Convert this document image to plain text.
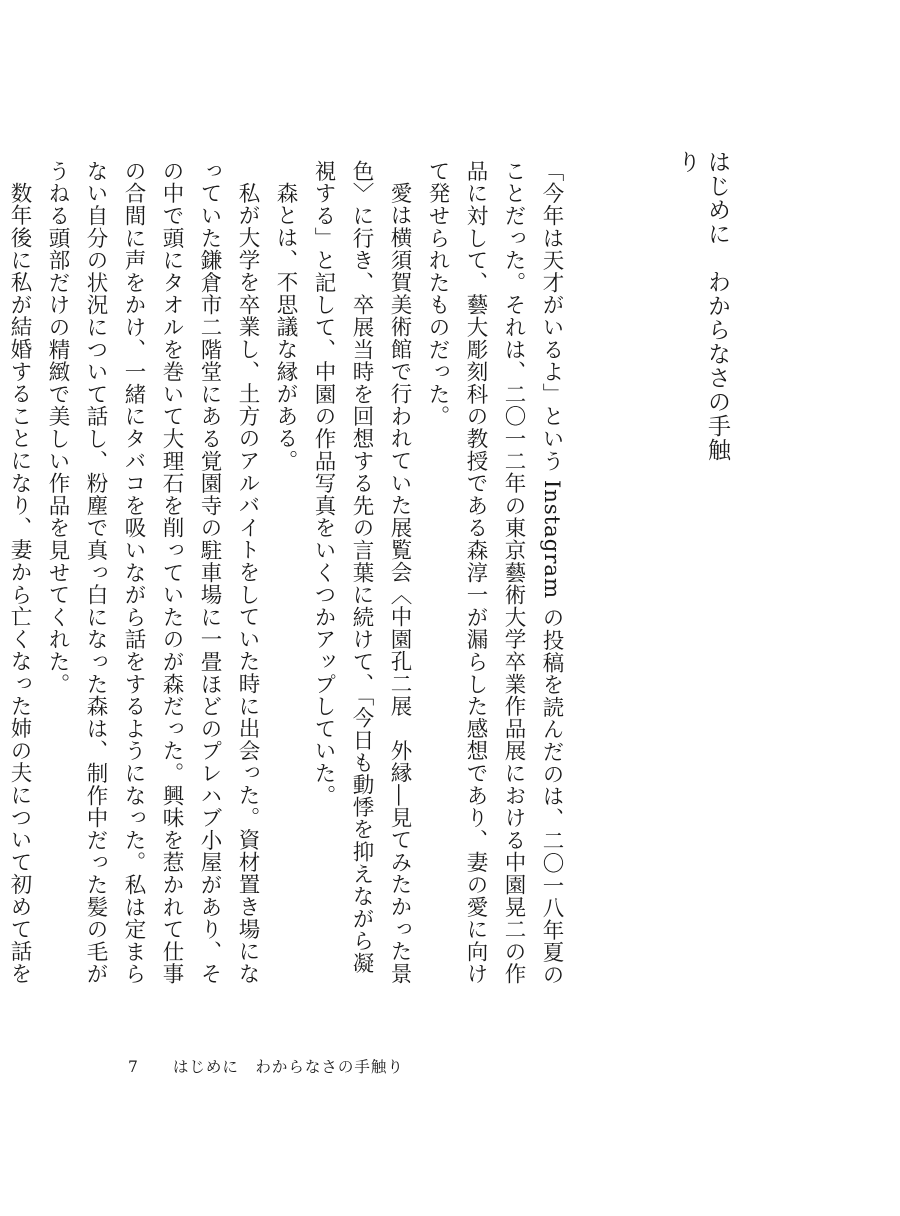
はじめに　わからなさの手触り

「今年は天才がいるよ」という Instagram の投稿を読んだのは、二〇一八年夏のことだった。それは、二〇一二年の東京藝術大学卒業作品展における中園晃二の作品に対して、藝大彫刻科の教授である森淳一が漏らした感想であり、妻の愛に向けて発せられたものだった。

愛は横須賀美術館で行われていた展覧会〈中園孔二展　外縁―見てみたかった景色〉に行き、卒展当時を回想する先の言葉に続けて、「今日も動悸を抑えながら凝視する」と記して、中園の作品写真をいくつかアップしていた。

森とは、不思議な縁がある。

私が大学を卒業し、土方のアルバイトをしていた時に出会った。資材置き場になっていた鎌倉市二階堂にある覚園寺の駐車場に一畳ほどのプレハブ小屋があり、その中で頭にタオルを巻いて大理石を削っていたのが森だった。興味を惹かれて仕事の合間に声をかけ、一緒にタバコを吸いながら話をするようになった。私は定まらない自分の状況について話し、粉塵で真っ白になった森は、制作中だった髪の毛がうねる頭部だけの精緻で美しい作品を見せてくれた。

数年後に私が結婚することになり、妻から亡くなった姉の夫について初めて話を

7 はじめに　わからなさの手触り
